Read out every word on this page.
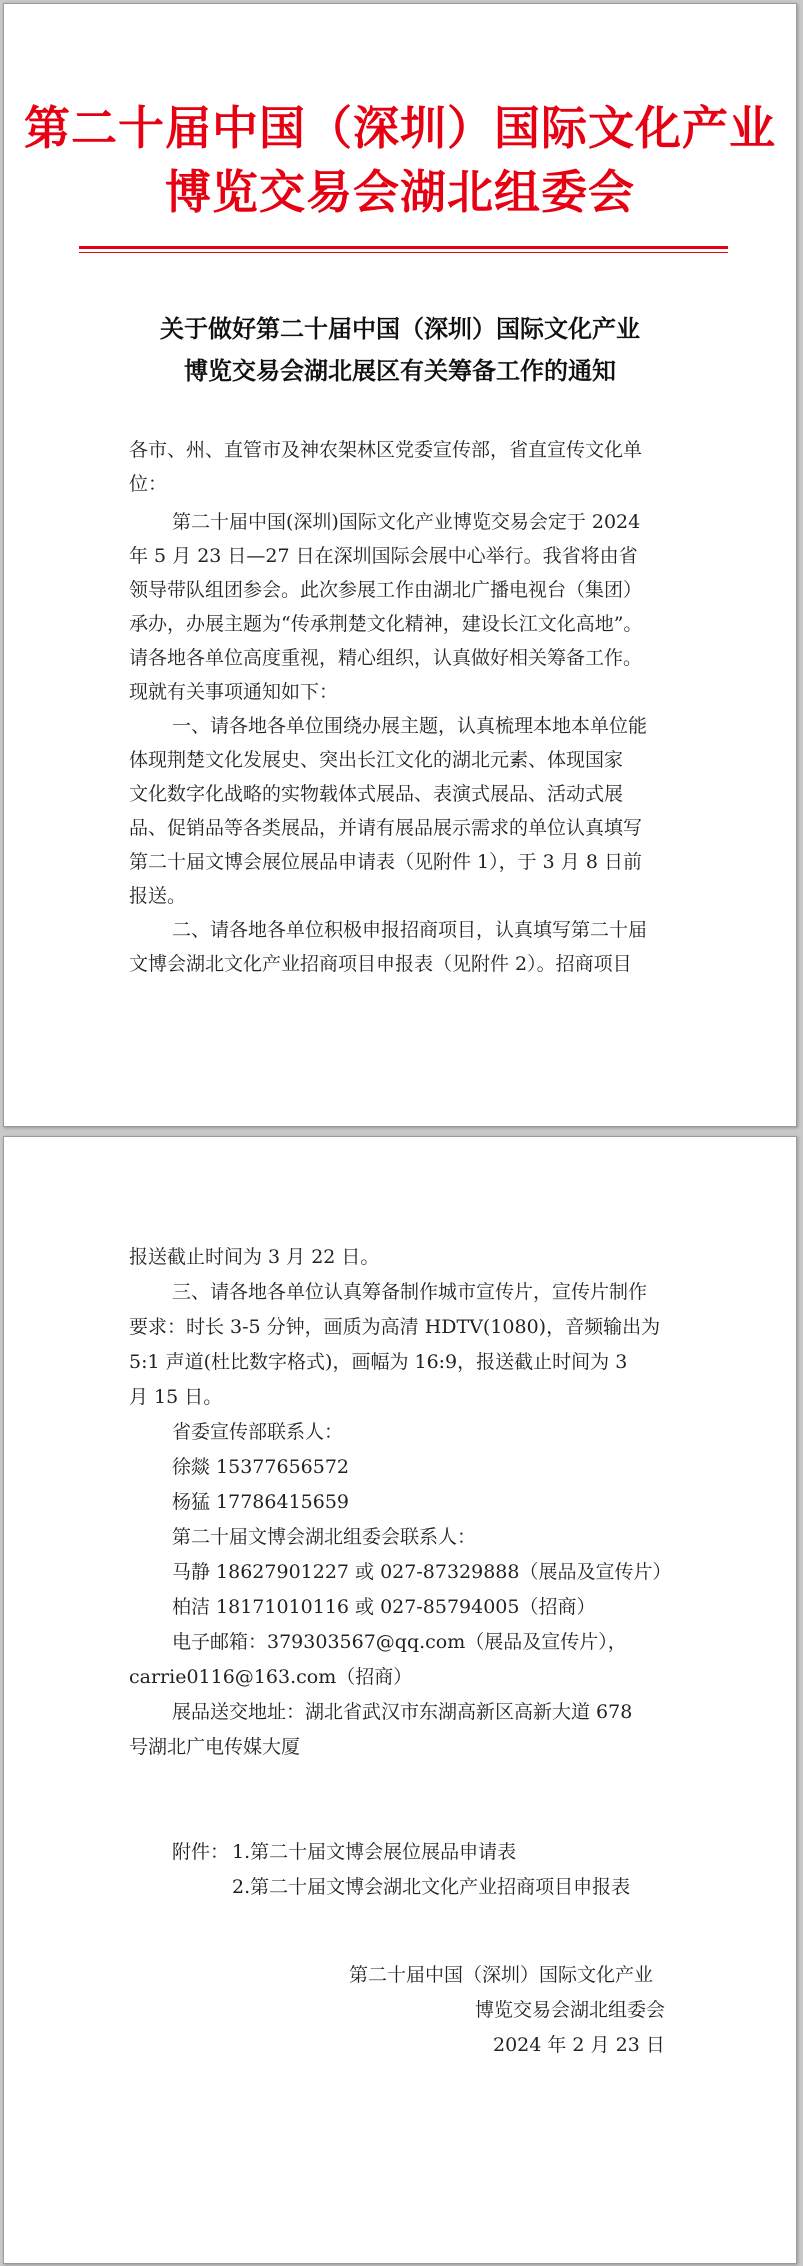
第二十届中国（深圳）国际文化产业
博览交易会湖北组委会
关于做好第二十届中国（深圳）国际文化产业
博览交易会湖北展区有关筹备工作的通知
各市、州、直管市及神农架林区党委宣传部，省直宣传文化单
位：
第二十届中国(深圳)国际文化产业博览交易会定于 2024
年 5 月 23 日—27 日在深圳国际会展中心举行。我省将由省
领导带队组团参会。此次参展工作由湖北广播电视台（集团）
承办，办展主题为“传承荆楚文化精神，建设长江文化高地”。
请各地各单位高度重视，精心组织，认真做好相关筹备工作。
现就有关事项通知如下：
一、请各地各单位围绕办展主题，认真梳理本地本单位能
体现荆楚文化发展史、突出长江文化的湖北元素、体现国家
文化数字化战略的实物载体式展品、表演式展品、活动式展
品、促销品等各类展品，并请有展品展示需求的单位认真填写
第二十届文博会展位展品申请表（见附件 1），于 3 月 8 日前
报送。
二、请各地各单位积极申报招商项目，认真填写第二十届
文博会湖北文化产业招商项目申报表（见附件 2）。招商项目
报送截止时间为 3 月 22 日。
三、请各地各单位认真筹备制作城市宣传片，宣传片制作
要求：时长 3-5 分钟，画质为高清 HDTV(1080)，音频输出为
5:1 声道(杜比数字格式)，画幅为 16:9，报送截止时间为 3
月 15 日。
省委宣传部联系人：
徐燚 15377656572
杨猛 17786415659
第二十届文博会湖北组委会联系人：
马静 18627901227 或 027-87329888（展品及宣传片）
柏洁 18171010116 或 027-85794005（招商）
电子邮箱：379303567@qq.com（展品及宣传片），
carrie0116@163.com（招商）
展品送交地址：湖北省武汉市东湖高新区高新大道 678
号湖北广电传媒大厦
附件： 1.第二十届文博会展位展品申请表
2.第二十届文博会湖北文化产业招商项目申报表
第二十届中国（深圳）国际文化产业
博览交易会湖北组委会
2024 年 2 月 23 日
